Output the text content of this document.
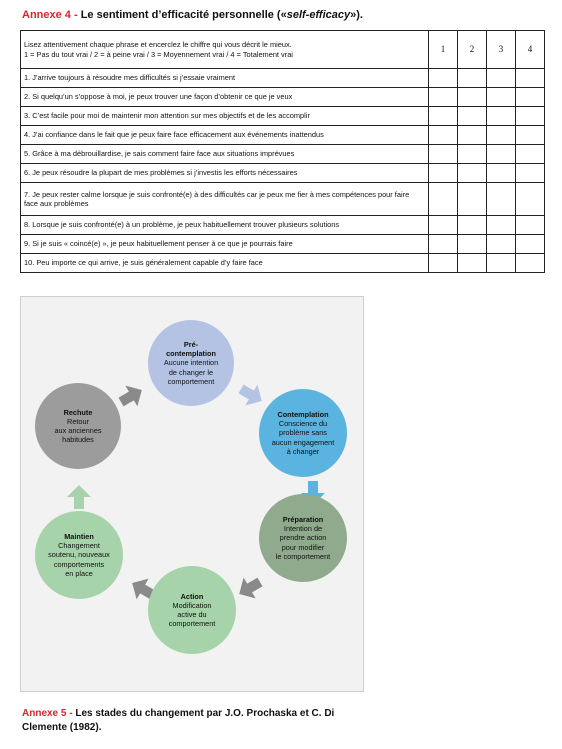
Annexe 4 - Le sentiment d’efficacité personnelle («self-efficacy»).
Lisez attentivement chaque phrase et encerclez le chiffre qui vous décrit le mieux.
1 = Pas du tout vrai / 2 = à peine vrai / 3 = Moyennement vrai / 4 = Totalement vrai	1	2	3	4
1. J’arrive toujours à résoudre mes difficultés si j’essaie vraiment				
2. Si quelqu’un s’oppose à moi, je peux trouver une façon d’obtenir ce que je veux				
3. C’est facile pour moi de maintenir mon attention sur mes objectifs et de les accomplir				
4. J’ai confiance dans le fait que je peux faire face efficacement aux événements inattendus				
5. Grâce à ma débrouillardise, je sais comment faire face aux situations imprévues				
6. Je peux résoudre la plupart de mes problèmes si j’investis les efforts nécessaires				
7. Je peux rester calme lorsque je suis confronté(e) à des difficultés car je peux me fier à mes compétences pour faire face aux problèmes				
8. Lorsque je suis confronté(e) à un problème, je peux habituellement trouver plusieurs solutions				
9. Si je suis « coincé(e) », je peux habituellement penser à ce que je pourrais faire				
10. Peu importe ce qui arrive, je suis généralement capable d’y faire face				
Pré-
contemplation
Aucune intention
de changer le
comportement
Contemplation
Conscience du
problème sans
aucun engagement
à changer
Préparation
Intention de
prendre action
pour modifier
le comportement
Action
Modification
active du
comportement
Maintien
Changement
soutenu, nouveaux
comportements
en place
Rechute
Retour
aux anciennes
habitudes
Annexe 5 - Les stades du changement par J.O. Prochaska et C. Di Clemente (1982).
